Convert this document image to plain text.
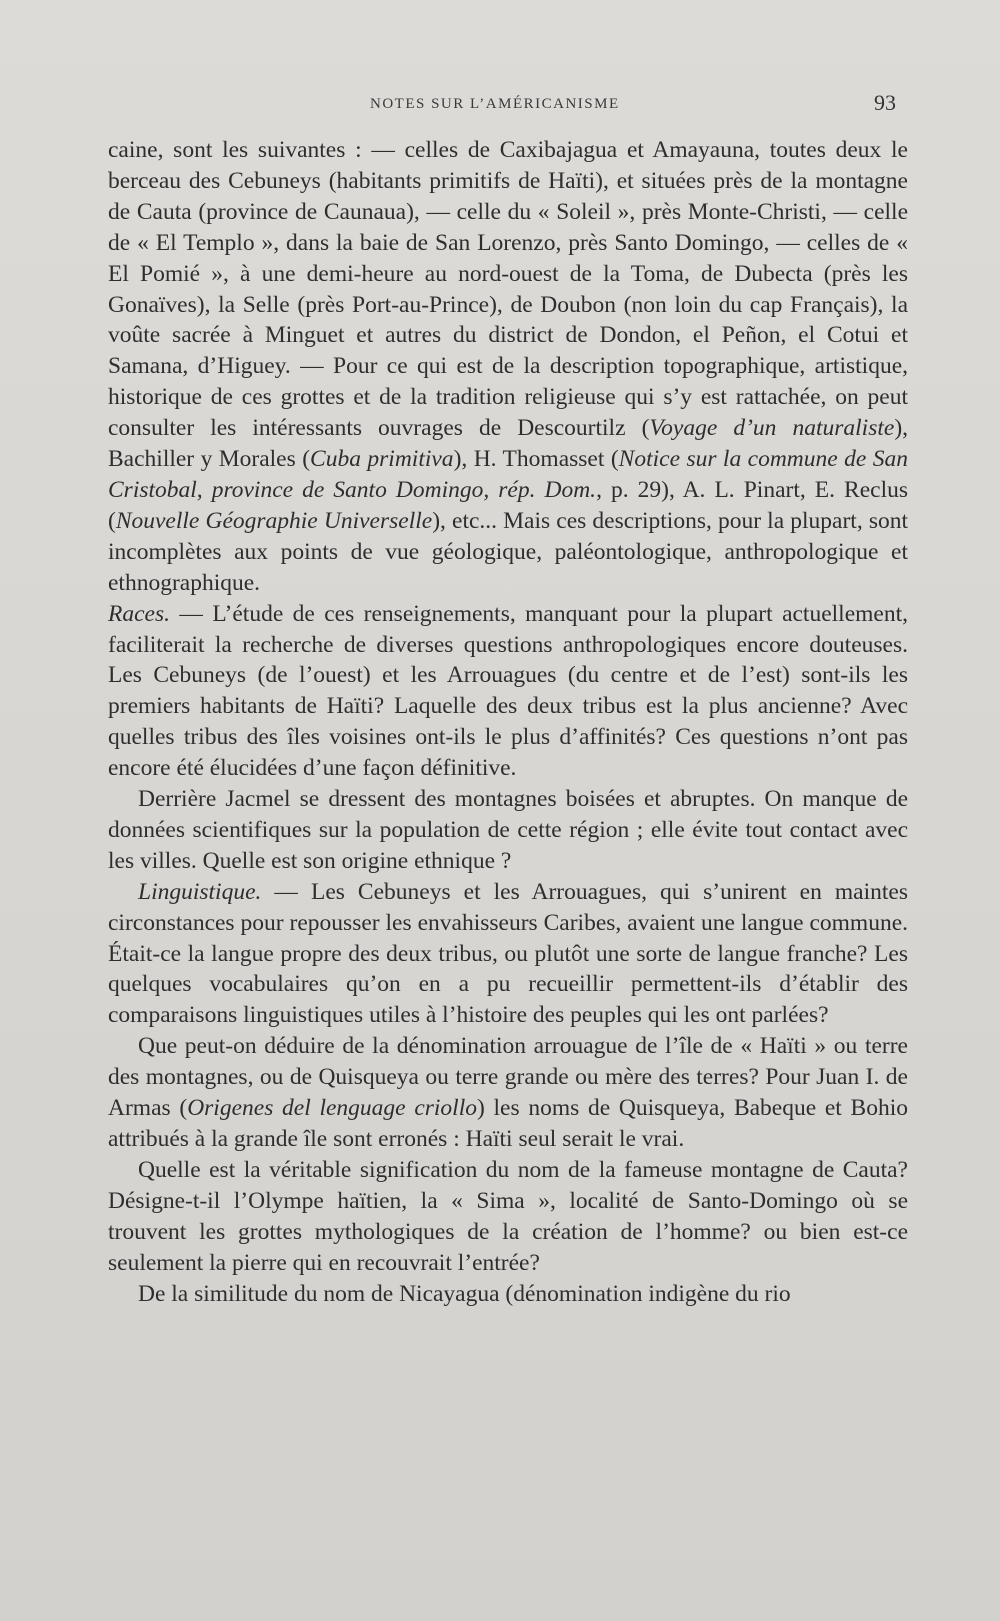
NOTES SUR L’AMÉRICANISME	93

caine, sont les suivantes : — celles de Caxibajagua et Amayauna, toutes deux le berceau des Cebuneys (habitants primitifs de Haïti), et situées près de la montagne de Cauta (province de Caunaua), — celle du « Soleil », près Monte-Christi, — celle de « El Templo », dans la baie de San Lorenzo, près Santo Domingo, — celles de « El Pomié », à une demi-heure au nord-ouest de la Toma, de Dubecta (près les Gonaïves), la Selle (près Port-au-Prince), de Doubon (non loin du cap Français), la voûte sacrée à Minguet et autres du district de Dondon, el Peñon, el Cotui et Samana, d’Higuey. — Pour ce qui est de la description topographique, artistique, historique de ces grottes et de la tradition religieuse qui s’y est rattachée, on peut consulter les intéressants ouvrages de Descourtilz (Voyage d’un naturaliste), Bachiller y Morales (Cuba primitiva), H. Thomasset (Notice sur la commune de San Cristobal, province de Santo Domingo, rép. Dom., p. 29), A. L. Pinart, E. Reclus (Nouvelle Géographie Universelle), etc... Mais ces descriptions, pour la plupart, sont incomplètes aux points de vue géologique, paléontologique, anthropologique et ethnographique.

Races. — L’étude de ces renseignements, manquant pour la plupart actuellement, faciliterait la recherche de diverses questions anthropologiques encore douteuses. Les Cebuneys (de l’ouest) et les Arrouagues (du centre et de l’est) sont-ils les premiers habitants de Haïti? Laquelle des deux tribus est la plus ancienne? Avec quelles tribus des îles voisines ont-ils le plus d’affinités? Ces questions n’ont pas encore été élucidées d’une façon définitive.

Derrière Jacmel se dressent des montagnes boisées et abruptes. On manque de données scientifiques sur la population de cette région ; elle évite tout contact avec les villes. Quelle est son origine ethnique ?

Linguistique. — Les Cebuneys et les Arrouagues, qui s’unirent en maintes circonstances pour repousser les envahisseurs Caribes, avaient une langue commune. Était-ce la langue propre des deux tribus, ou plutôt une sorte de langue franche? Les quelques vocabulaires qu’on en a pu recueillir permettent-ils d’établir des comparaisons linguistiques utiles à l’histoire des peuples qui les ont parlées?

Que peut-on déduire de la dénomination arrouague de l’île de « Haïti » ou terre des montagnes, ou de Quisqueya ou terre grande ou mère des terres? Pour Juan I. de Armas (Origenes del lenguage criollo) les noms de Quisqueya, Babeque et Bohio attribués à la grande île sont erronés : Haïti seul serait le vrai.

Quelle est la véritable signification du nom de la fameuse montagne de Cauta? Désigne-t-il l’Olympe haïtien, la « Sima », localité de Santo-Domingo où se trouvent les grottes mythologiques de la création de l’homme? ou bien est-ce seulement la pierre qui en recouvrait l’entrée?

De la similitude du nom de Nicayagua (dénomination indigène du rio
